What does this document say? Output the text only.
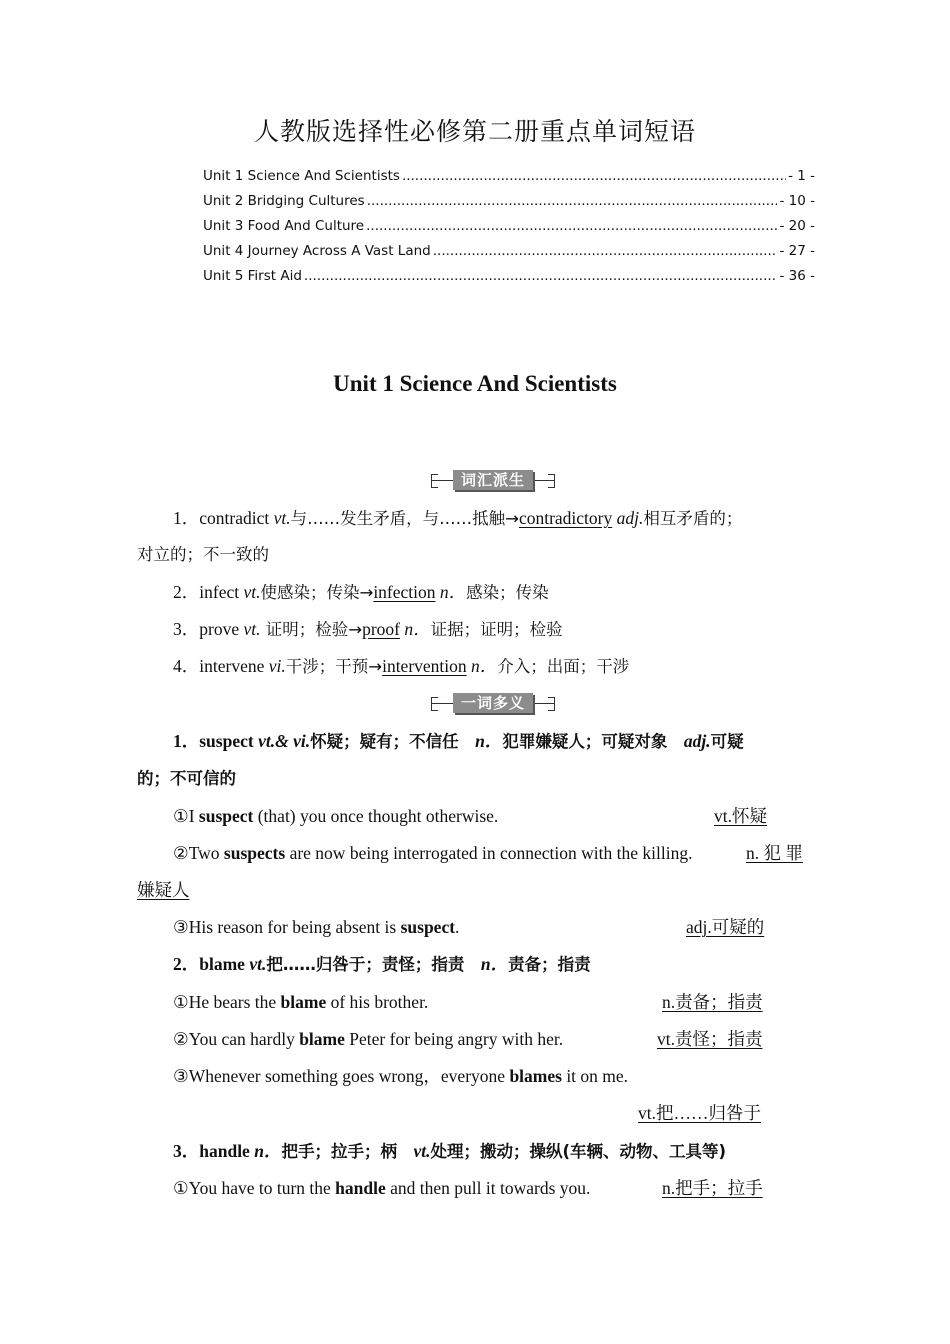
人教版选择性必修第二册重点单词短语
Unit 1 Science And Scientists .....	- 1 -
Unit 2 Bridging Cultures .....	- 10 -
Unit 3 Food And Culture .....	- 20 -
Unit 4 Journey Across A Vast Land .....	- 27 -
Unit 5 First Aid .....	- 36 -
Unit 1 Science And Scientists
词汇派生
1．contradict vt.与……发生矛盾，与……抵触→contradictory adj.相互矛盾的；
对立的；不一致的
2．infect vt.使感染；传染→infection n．感染；传染
3．prove vt. 证明；检验→proof n．证据；证明；检验
4．intervene vi.干涉；干预→intervention n．介入；出面；干涉
一词多义
1．suspect vt.& vi.怀疑；疑有；不信任　n．犯罪嫌疑人；可疑对象　adj.可疑
的；不可信的
①I suspect (that) you once thought otherwise.	vt.怀疑
②Two suspects are now being interrogated in connection with the killing.	n. 犯 罪
嫌疑人
③His reason for being absent is suspect.	adj.可疑的
2．blame vt.把……归咎于；责怪；指责　n．责备；指责
①He bears the blame of his brother.	n.责备；指责
②You can hardly blame Peter for being angry with her.	vt.责怪；指责
③Whenever something goes wrong，everyone blames it on me.
vt.把……归咎于
3．handle n．把手；拉手；柄　vt.处理；搬动；操纵(车辆、动物、工具等)
①You have to turn the handle and then pull it towards you.	n.把手；拉手
